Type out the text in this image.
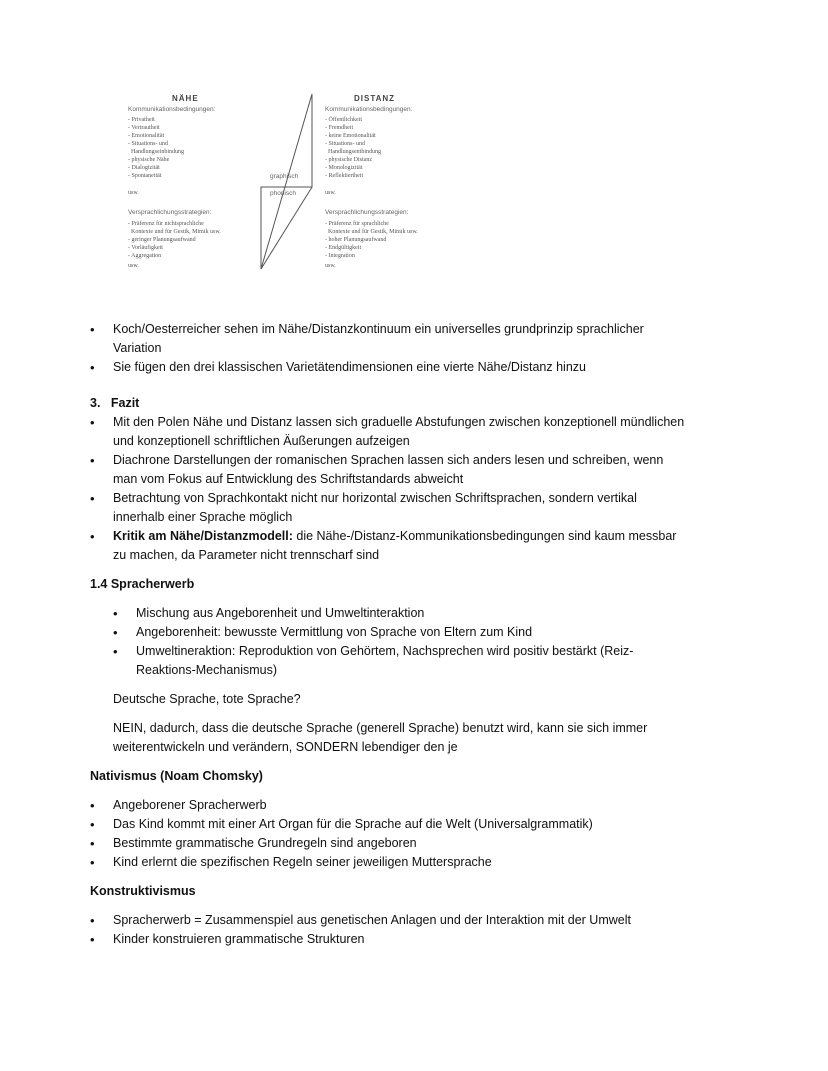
NÄHE	DISTANZ
Kommunikationsbedingungen:	Kommunikationsbedingungen:
- Privatheit
- Vertrautheit
- Emotionalität
- Situations- und
Handlungseinbindung
- physische Nähe
- Dialogizität
- Spontaneität
- Öffentlichkeit
- Fremdheit
- keine Emotionalität
- Situations- und
Handlungsentbindung
- physische Distanz
- Monologizität
- Reflektiertheit
usw.	usw.
Versprachlichungsstrategien:	Versprachlichungsstrategien:
- Präferenz für nichtsprachliche
Kontexte und für Gestik, Mimik usw.
- geringer Planungsaufwand
- Vorläufigkeit
- Aggregation
- Präferenz für sprachliche
Kontexte und für Gestik, Mimik usw.
- hoher Planungsaufwand
- Endgültigkeit
- Integration
usw.	usw.
graphisch
phonisch
• Koch/Oesterreicher sehen im Nähe/Distanzkontinuum ein universelles grundprinzip sprachlicher Variation
• Sie fügen den drei klassischen Varietätendimensionen eine vierte Nähe/Distanz hinzu
3. Fazit
• Mit den Polen Nähe und Distanz lassen sich graduelle Abstufungen zwischen konzeptionell mündlichen und konzeptionell schriftlichen Äußerungen aufzeigen
• Diachrone Darstellungen der romanischen Sprachen lassen sich anders lesen und schreiben, wenn man vom Fokus auf Entwicklung des Schriftstandards abweicht
• Betrachtung von Sprachkontakt nicht nur horizontal zwischen Schriftsprachen, sondern vertikal innerhalb einer Sprache möglich
• Kritik am Nähe/Distanzmodell: die Nähe-/Distanz-Kommunikationsbedingungen sind kaum messbar zu machen, da Parameter nicht trennscharf sind
1.4 Spracherwerb
• Mischung aus Angeborenheit und Umweltinteraktion
• Angeborenheit: bewusste Vermittlung von Sprache von Eltern zum Kind
• Umweltineraktion: Reproduktion von Gehörtem, Nachsprechen wird positiv bestärkt (Reiz-Reaktions-Mechanismus)
Deutsche Sprache, tote Sprache?
NEIN, dadurch, dass die deutsche Sprache (generell Sprache) benutzt wird, kann sie sich immer weiterentwickeln und verändern, SONDERN lebendiger den je
Nativismus (Noam Chomsky)
• Angeborener Spracherwerb
• Das Kind kommt mit einer Art Organ für die Sprache auf die Welt (Universalgrammatik)
• Bestimmte grammatische Grundregeln sind angeboren
• Kind erlernt die spezifischen Regeln seiner jeweiligen Muttersprache
Konstruktivismus
• Spracherwerb = Zusammenspiel aus genetischen Anlagen und der Interaktion mit der Umwelt
• Kinder konstruieren grammatische Strukturen
